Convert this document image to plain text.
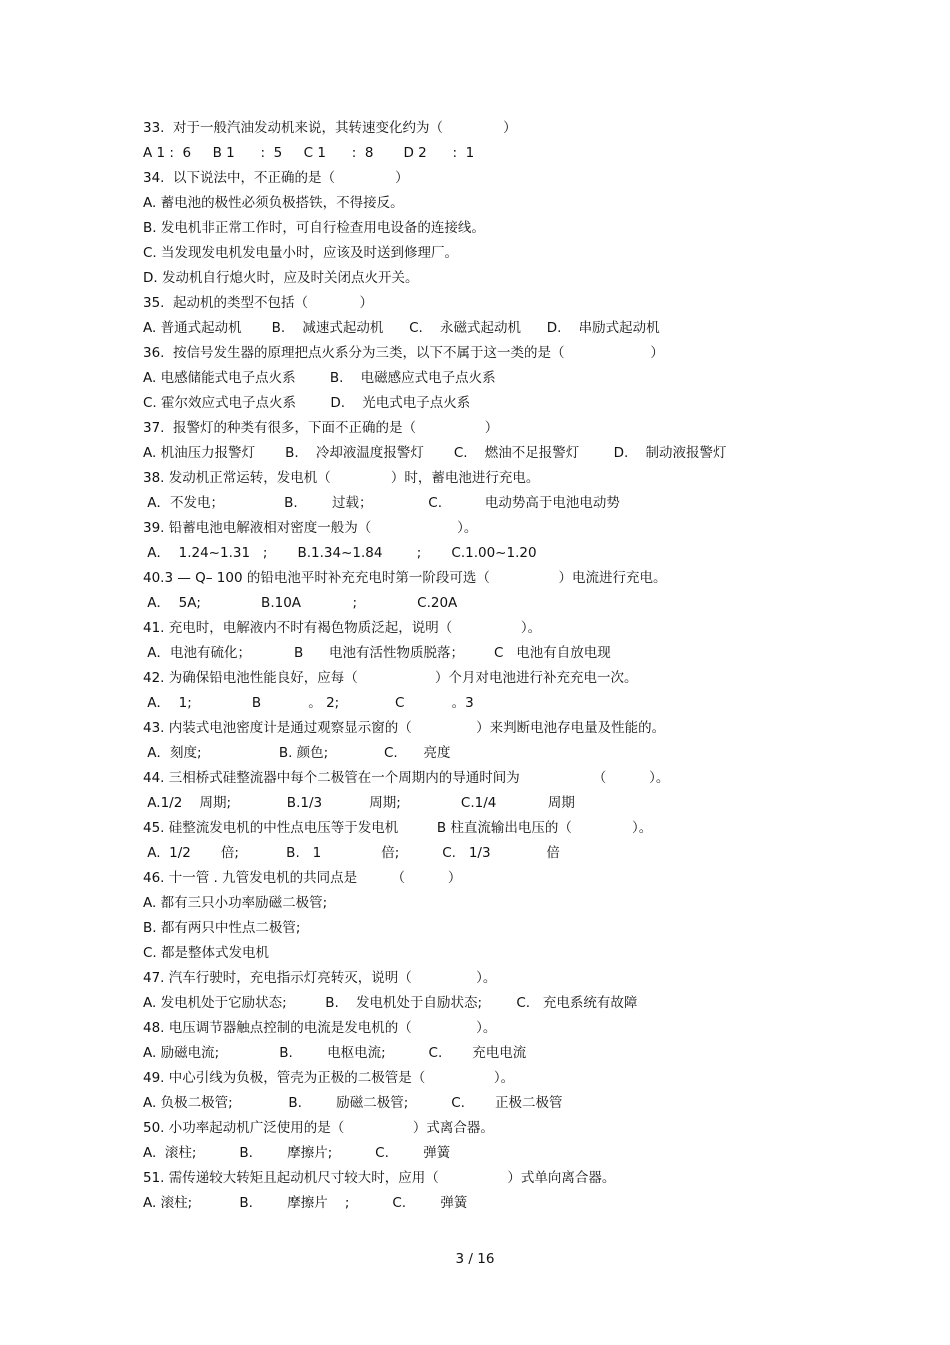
33.  对于一般汽油发动机来说，其转速变化约为（              ）
A 1 :  6     B 1      :  5     C 1      :  8       D 2      :  1
34.  以下说法中，不正确的是（              ）
A. 蓄电池的极性必须负极搭铁，不得接反。
B. 发电机非正常工作时，可自行检查用电设备的连接线。
C. 当发现发电机发电量小时，应该及时送到修理厂。
D. 发动机自行熄火时，应及时关闭点火开关。
35.  起动机的类型不包括（            ）
A. 普通式起动机       B.    减速式起动机      C.    永磁式起动机      D.    串励式起动机
36.  按信号发生器的原理把点火系分为三类，以下不属于这一类的是（                    ）
A. 电感储能式电子点火系        B.    电磁感应式电子点火系
C. 霍尔效应式电子点火系        D.    光电式电子点火系
37.  报警灯的种类有很多，下面不正确的是（                ）
A. 机油压力报警灯       B.    冷却液温度报警灯       C.    燃油不足报警灯        D.    制动液报警灯
38. 发动机正常运转，发电机（              ）时，蓄电池进行充电。
A．不发电；              B.        过载；             C.          电动势高于电池电动势
39. 铅蓄电池电解液相对密度一般为（                    ）。
A．  1.24~1.31   ;       B.1.34~1.84        ;       C.1.00~1.20
40.3 — Q– 100 的铅电池平时补充充电时第一阶段可选（                ）电流进行充电。
A．  5A;              B.10A            ;              C.20A
41. 充电时，电解液内不时有褐色物质泛起，说明（                ）。
A．电池有硫化；          B      电池有活性物质脱落；       C   电池有自放电现
42. 为确保铅电池性能良好，应每（                  ）个月对电池进行补充充电一次。
A．  1;              B           。 2;             C           。3
43. 内装式电池密度计是通过观察显示窗的（               ）来判断电池存电量及性能的。
A．刻度;                  B. 颜色;             C.      亮度
44. 三相桥式硅整流器中每个二极管在一个周期内的导通时间为                 （          ）。
A.1/2    周期;             B.1/3           周期;              C.1/4            周期
45. 硅整流发电机的中性点电压等于发电机         B 柱直流输出电压的（              ）。
A.  1/2       倍;           B.   1              倍;          C.   1/3             倍
46. 十一管 . 九管发电机的共同点是        （          ）
A. 都有三只小功率励磁二极管;
B. 都有两只中性点二极管;
C. 都是整体式发电机
47. 汽车行驶时，充电指示灯亮转灭，说明（               ）。
A. 发电机处于它励状态;         B.    发电机处于自励状态;        C.   充电系统有故障
48. 电压调节器触点控制的电流是发电机的（               ）。
A. 励磁电流;              B.        电枢电流;          C.       充电电流
49. 中心引线为负极，管壳为正极的二极管是（                ）。
A. 负极二极管;             B.        励磁二极管;          C.       正极二极管
50. 小功率起动机广泛使用的是（                ）式离合器。
A.  滚柱;          B.        摩擦片;          C.        弹簧
51. 需传递较大转矩且起动机尺寸较大时，应用（                ）式单向离合器。
A. 滚柱;           B.        摩擦片    ;          C.        弹簧
3 / 16
